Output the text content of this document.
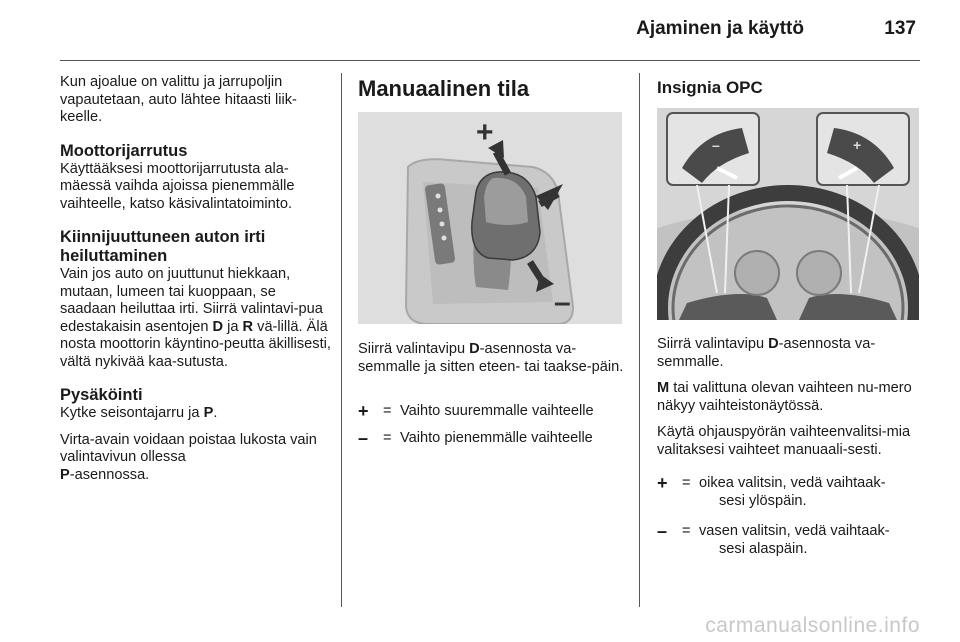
Ajaminen ja käyttö	137

Kun ajoalue on valittu ja jarrupoljin vapautetaan, auto lähtee hitaasti liik-keelle.

Moottorijarrutus

Käyttääksesi moottorijarrutusta ala-mäessä vaihda ajoissa pienemmälle vaihteelle, katso käsivalintatoiminto.

Kiinnijuuttuneen auton irti heiluttaminen

Vain jos auto on juuttunut hiekkaan, mutaan, lumeen tai kuoppaan, se saadaan heiluttaa irti. Siirrä valintavi-pua edestakaisin asentojen D ja R vä-lillä. Älä nosta moottorin käyntino-peutta äkillisesti, vältä nykivää kaa-sutusta.

Pysäköinti

Kytke seisontajarru ja P.

Virta-avain voidaan poistaa lukosta vain valintavivun ollessa
P-asennossa.

Manuaalinen tila
+
–

Siirrä valintavipu D-asennosta va-semmalle ja sitten eteen- tai taakse-päin.

+ = Vaihto suuremmalle vaihteelle
– = Vaihto pienemmälle vaihteelle
Insignia OPC
–	+

Siirrä valintavipu D-asennosta va-semmalle.

M tai valittuna olevan vaihteen nu-mero näkyy vaihteistonäytössä.

Käytä ohjauspyörän vaihteenvalitsi-mia valitaksesi vaihteet manuaali-sesti.

+ = oikea valitsin, vedä vaihtaak-
sesi ylöspäin.
– = vasen valitsin, vedä vaihtaak-
sesi alaspäin.
carmanualsonline.info
